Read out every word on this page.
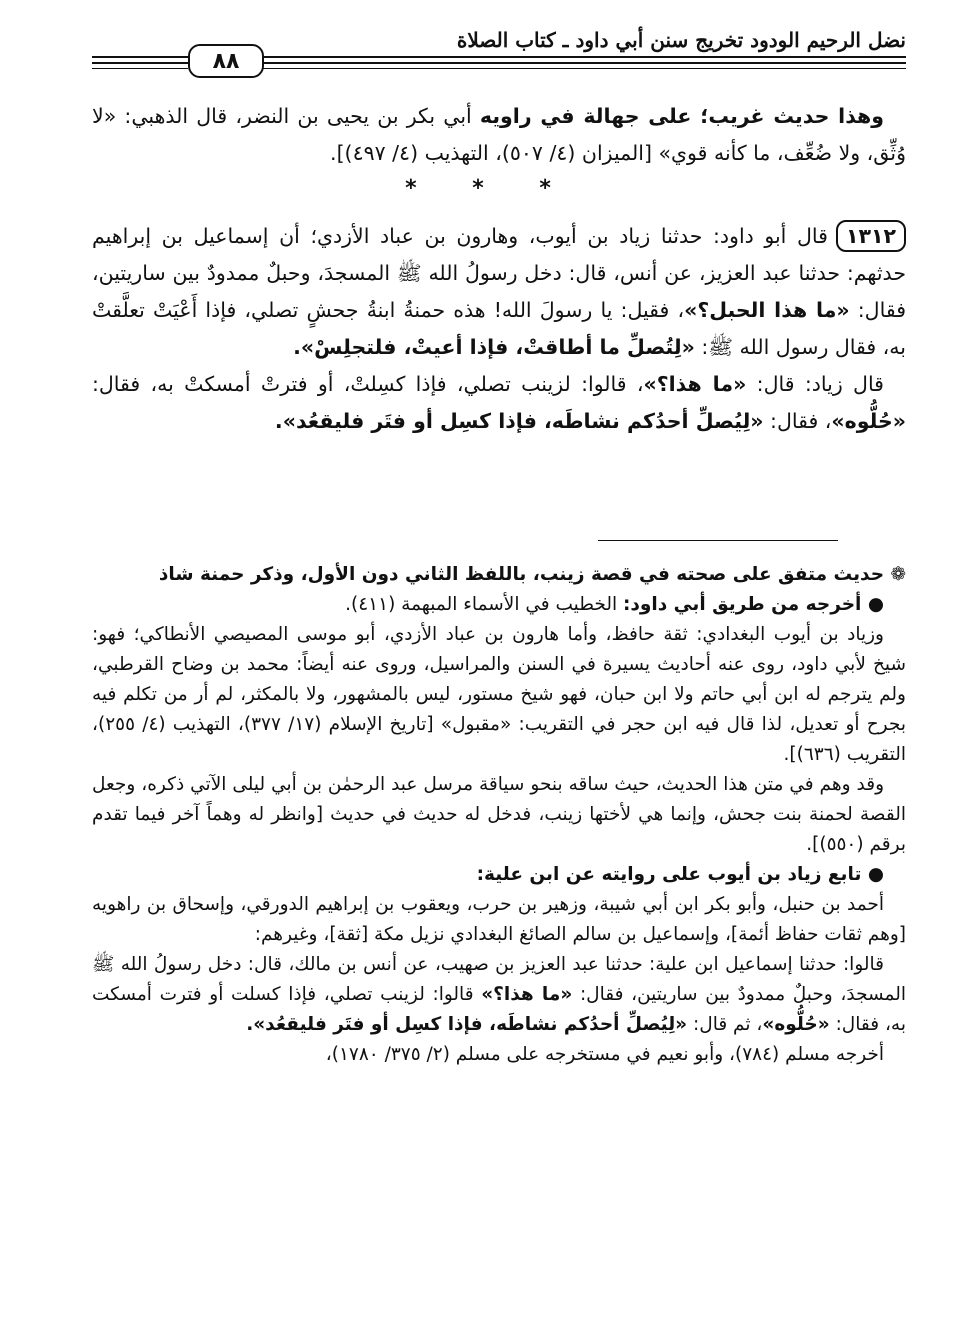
نضل الرحيم الودود تخريج سنن أبي داود ـ كتاب الصلاة
٨٨

وهذا حديث غريب؛ على جهالة في راويه أبي بكر بن يحيى بن النضر، قال الذهبي: «لا وُثِّق، ولا ضُعِّف، ما كأنه قوي» [الميزان (٤/ ٥٠٧)، التهذيب (٤/ ٤٩٧)].

* * *

١٣١٢قال أبو داود: حدثنا زياد بن أيوب، وهارون بن عباد الأزدي؛ أن إسماعيل بن إبراهيم حدثهم: حدثنا عبد العزيز، عن أنس، قال: دخل رسولُ الله ﷺ المسجدَ، وحبلٌ ممدودٌ بين ساريتين، فقال: «ما هذا الحبل؟»، فقيل: يا رسولَ الله! هذه حمنةُ ابنةُ جحشٍ تصلي، فإذا أَعْيَتْ تعلَّقتْ به، فقال رسول الله ﷺ: «لِتُصلِّ ما أطاقتْ، فإذا أعيتْ، فلتجلِسْ».

قال زياد: قال: «ما هذا؟»، قالوا: لزينب تصلي، فإذا كسِلتْ، أو فترتْ أمسكتْ به، فقال: «حُلُّوه»، فقال: «لِيُصلِّ أحدُكم نشاطَه، فإذا كسِل أو فتَر فليقعُد».

❁ حديث متفق على صحته في قصة زينب، باللفظ الثاني دون الأول، وذكر حمنة شاذ

● أخرجه من طريق أبي داود: الخطيب في الأسماء المبهمة (٤١١).

وزياد بن أيوب البغدادي: ثقة حافظ، وأما هارون بن عباد الأزدي، أبو موسى المصيصي الأنطاكي؛ فهو: شيخ لأبي داود، روى عنه أحاديث يسيرة في السنن والمراسيل، وروى عنه أيضاً: محمد بن وضاح القرطبي، ولم يترجم له ابن أبي حاتم ولا ابن حبان، فهو شيخ مستور، ليس بالمشهور، ولا بالمكثر، لم أر من تكلم فيه بجرح أو تعديل، لذا قال فيه ابن حجر في التقريب: «مقبول» [تاريخ الإسلام (١٧/ ٣٧٧)، التهذيب (٤/ ٢٥٥)، التقريب (٦٣٦)].

وقد وهم في متن هذا الحديث، حيث ساقه بنحو سياقة مرسل عبد الرحمٰن بن أبي ليلى الآتي ذكره، وجعل القصة لحمنة بنت جحش، وإنما هي لأختها زينب، فدخل له حديث في حديث [وانظر له وهماً آخر فيما تقدم برقم (٥٥٠)].

● تابع زياد بن أيوب على روايته عن ابن علية:

أحمد بن حنبل، وأبو بكر ابن أبي شيبة، وزهير بن حرب، ويعقوب بن إبراهيم الدورقي، وإسحاق بن راهويه [وهم ثقات حفاظ أئمة]، وإسماعيل بن سالم الصائغ البغدادي نزيل مكة [ثقة]، وغيرهم:

قالوا: حدثنا إسماعيل ابن علية: حدثنا عبد العزيز بن صهيب، عن أنس بن مالك، قال: دخل رسولُ الله ﷺ المسجدَ، وحبلٌ ممدودٌ بين ساريتين، فقال: «ما هذا؟» قالوا: لزينب تصلي، فإذا كسلت أو فترت أمسكت به، فقال: «حُلُّوه»، ثم قال: «لِيُصلِّ أحدُكم نشاطَه، فإذا كسِل أو فتَر فليقعُد».

أخرجه مسلم (٧٨٤)، وأبو نعيم في مستخرجه على مسلم (٢/ ٣٧٥/ ١٧٨٠)،
